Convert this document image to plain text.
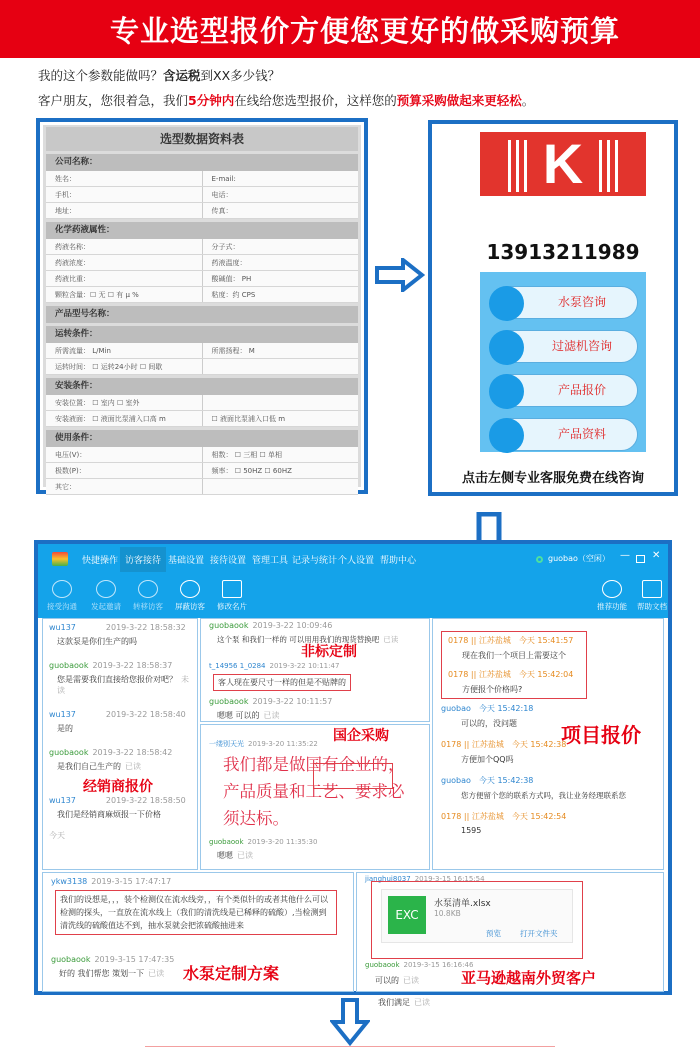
专业选型报价方便您更好的做采购预算
我的这个参数能做吗？含运税到XX多少钱？
客户朋友，您很着急，我们5分钟内在线给您选型报价，这样您的预算采购做起来更轻松。
选型数据资料表
公司名称：
姓名：	E-mail:
手机：	电话：
地址：	传真：
化学药液属性：
药液名称：	分子式：
药液浓度：	药液温度：
药液比重：	酸碱值： PH
颗粒含量：☐ 无 ☐ 有 μ %	粘度：约 CPS
产品型号名称：
运转条件：
所需流量： L/Min	所需扬程： M
运转时间： ☐ 运转24小时 ☐ 间歇
安装条件：
安装位置： ☐ 室内 ☐ 室外
安装液面： ☐ 液面比泵浦入口高 m	☐ 液面比泵浦入口低 m
使用条件：
电压(V)：	相数： ☐ 三相 ☐ 单相
极数(P)：	频率： ☐ 50HZ ☐ 60HZ
其它：
K
13913211989
水泵咨询
过滤机咨询
产品报价
产品资料
点击左侧专业客服免费在线咨询
快捷操作 访客接待 基础设置 接待设置 管理工具 记录与统计 个人设置 帮助中心	guobao（空闲） — ✕
接受沟通	发起邀请	转移访客	屏蔽访客	修改名片	推荐功能	帮助文档
wu137	2019-3-22 18:58:32
这款泵是你们生产的吗
guobaook 2019-3-22 18:58:37
您是需要我们直接给您报价对吧？ 未读
wu137	2019-3-22 18:58:40
是的
guobaook 2019-3-22 18:58:42
是我们自己生产的 已读
经销商报价
wu137	2019-3-22 18:58:50
我们是经销商麻烦报一下价格
今天
guobaook 2019-3-22 10:09:46
这个泵 和我们一样的 可以用用我们的现货替换吧 已读
非标定制
t_14956 1_0284 2019-3-22 10:11:47客人现在要尺寸一样的但是不贴牌的
guobaook 2019-3-22 10:11:57
嗯嗯 可以的 已读
国企采购
一缕别天光 2019-3-20 11:35:22
我们都是做国有企业的，
产品质量和工艺、要求必
须达标。
guobaook 2019-3-20 11:35:30
嗯嗯 已读
0178 || 江苏盐城 今天 15:41:57
现在我们一个项目上需要这个
0178 || 江苏盐城 今天 15:42:04
方便报个价格吗?
guobao 今天 15:42:18
可以的，没问题	项目报价
0178 || 江苏盐城 今天 15:42:38
方便加个QQ吗
guobao 今天 15:42:38
您方便留个您的联系方式吗，我让业务经理联系您
0178 || 江苏盐城 今天 15:42:54
1595
ykw3138 2019-3-15 17:47:17
我们的设想是，，，装个检测仪在流水线旁，，有个类似针的或者其他什么可以检测的探头，一直放在流水线上（我们的清洗线是已稀释的硫酸）,当检测到清洗线的硫酸值达不到，抽水泵就会把浓硫酸抽进来
水泵定制方案
guobaook 2019-3-15 17:47:35
好的 我们帮您 策划一下 已读
jianghui8037 2019-3-15 16:15:54
EXC
水泵清单.xlsx
10.8KB
预览	打开文件夹
亚马逊越南外贸客户
guobaook 2019-3-15 16:16:46
可以的 已读
我们满足 已读
